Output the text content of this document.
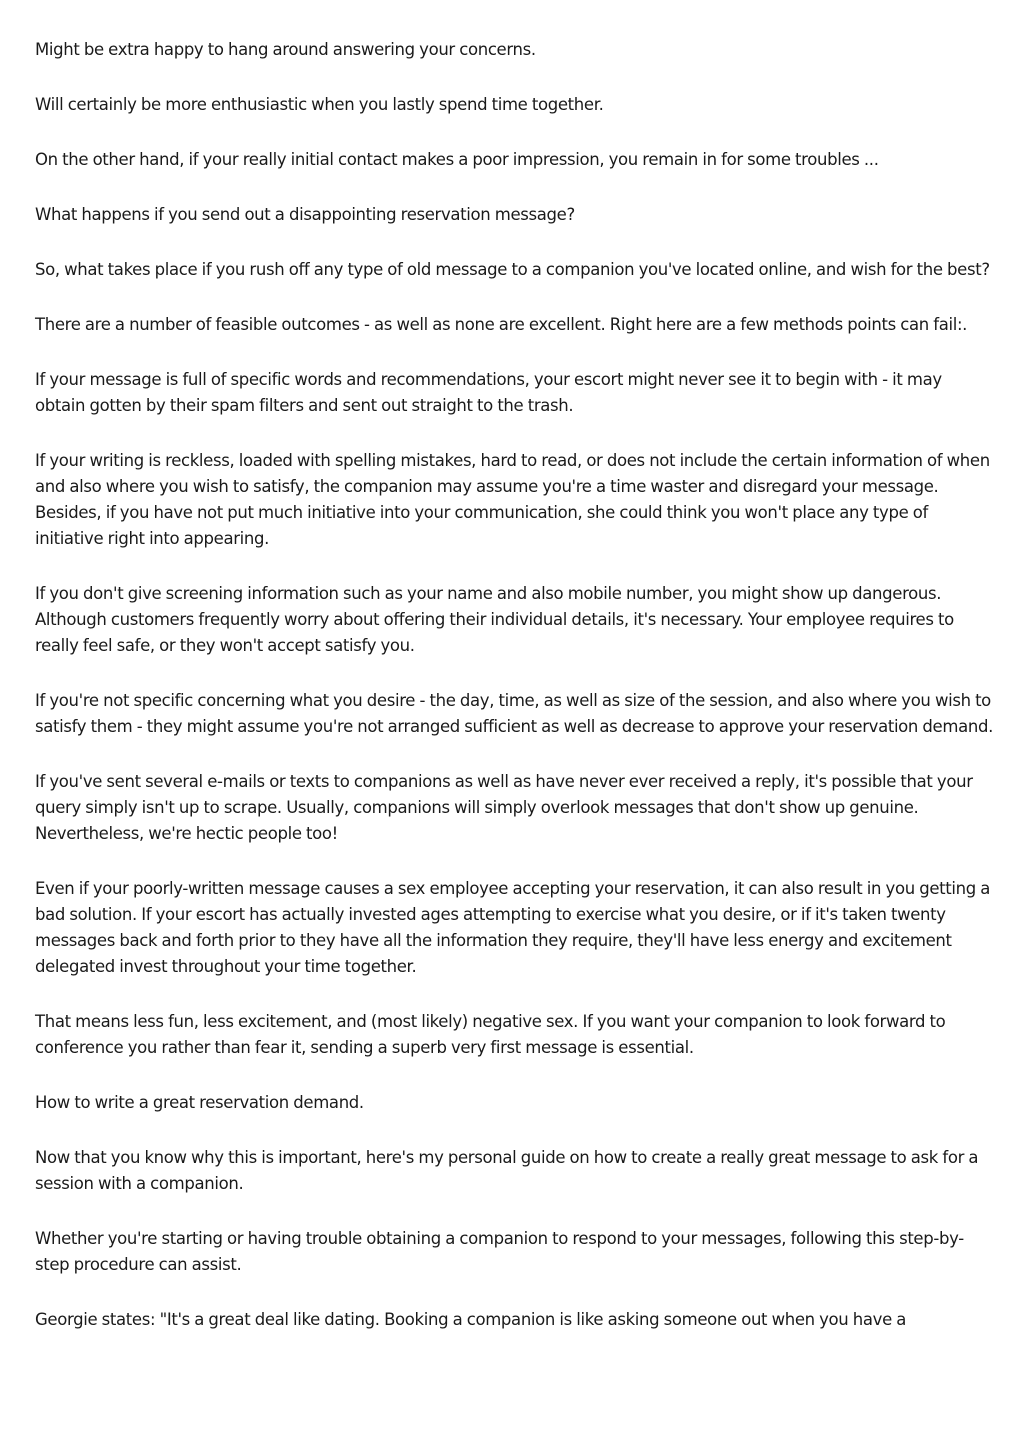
Might be extra happy to hang around answering your concerns.

Will certainly be more enthusiastic when you lastly spend time together.

On the other hand, if your really initial contact makes a poor impression, you remain in for some troubles ...

What happens if you send out a disappointing reservation message?

So, what takes place if you rush off any type of old message to a companion you've located online, and wish for the best?

There are a number of feasible outcomes - as well as none are excellent. Right here are a few methods points can fail:.

If your message is full of specific words and recommendations, your escort might never see it to begin with - it may obtain gotten by their spam filters and sent out straight to the trash.

If your writing is reckless, loaded with spelling mistakes, hard to read, or does not include the certain information of when and also where you wish to satisfy, the companion may assume you're a time waster and disregard your message. Besides, if you have not put much initiative into your communication, she could think you won't place any type of initiative right into appearing.

If you don't give screening information such as your name and also mobile number, you might show up dangerous. Although customers frequently worry about offering their individual details, it's necessary. Your employee requires to really feel safe, or they won't accept satisfy you.

If you're not specific concerning what you desire - the day, time, as well as size of the session, and also where you wish to satisfy them - they might assume you're not arranged sufficient as well as decrease to approve your reservation demand.

If you've sent several e-mails or texts to companions as well as have never ever received a reply, it's possible that your query simply isn't up to scrape. Usually, companions will simply overlook messages that don't show up genuine. Nevertheless, we're hectic people too!

Even if your poorly-written message causes a sex employee accepting your reservation, it can also result in you getting a bad solution. If your escort has actually invested ages attempting to exercise what you desire, or if it's taken twenty messages back and forth prior to they have all the information they require, they'll have less energy and excitement delegated invest throughout your time together.

That means less fun, less excitement, and (most likely) negative sex. If you want your companion to look forward to conference you rather than fear it, sending a superb very first message is essential.

How to write a great reservation demand.

Now that you know why this is important, here's my personal guide on how to create a really great message to ask for a session with a companion.

Whether you're starting or having trouble obtaining a companion to respond to your messages, following this step-by-step procedure can assist.

Georgie states: "It's a great deal like dating. Booking a companion is like asking someone out when you have a
